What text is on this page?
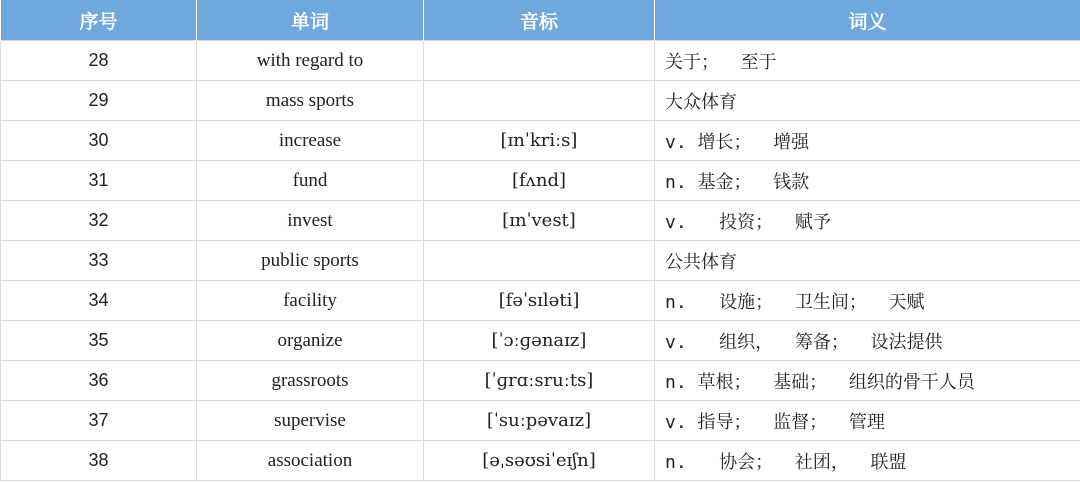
序号	单词	音标	词义
28	with regard to		关于；  至于
29	mass sports		大众体育
30	increase	[ɪnˈkriːs]	v. 增长；  增强
31	fund	[fʌnd]	n. 基金；  钱款
32	invest	[ɪnˈvest]	v.   投资；  赋予
33	public sports		公共体育
34	facility	[fəˈsɪləti]	n.   设施；  卫生间；  天赋
35	organize	[ˈɔːɡənaɪz]	v.   组织，  筹备；  设法提供
36	grassroots	[ˈɡrɑːsruːts]	n. 草根；  基础；  组织的骨干人员
37	supervise	[ˈsuːpəvaɪz]	v. 指导；  监督；  管理
38	association	[əˌsəʊsiˈeɪʃn]	n.   协会；  社团，  联盟
